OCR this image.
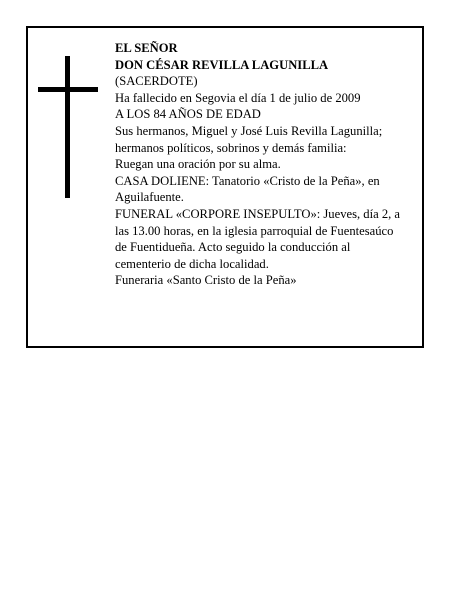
EL SEÑOR
DON CÉSAR REVILLA LAGUNILLA
(SACERDOTE)
Ha fallecido en Segovia el día 1 de julio de 2009
A LOS 84 AÑOS DE EDAD
Sus hermanos, Miguel y José Luis Revilla Lagunilla;
hermanos políticos, sobrinos y demás familia:
Ruegan una oración por su alma.
CASA DOLIENE: Tanatorio «Cristo de la Peña», en
Aguilafuente.
FUNERAL «CORPORE INSEPULTO»: Jueves, día 2, a
las 13.00 horas, en la iglesia parroquial de Fuentesaúco
de Fuentidueña. Acto seguido la conducción al
cementerio de dicha localidad.
Funeraria «Santo Cristo de la Peña»
